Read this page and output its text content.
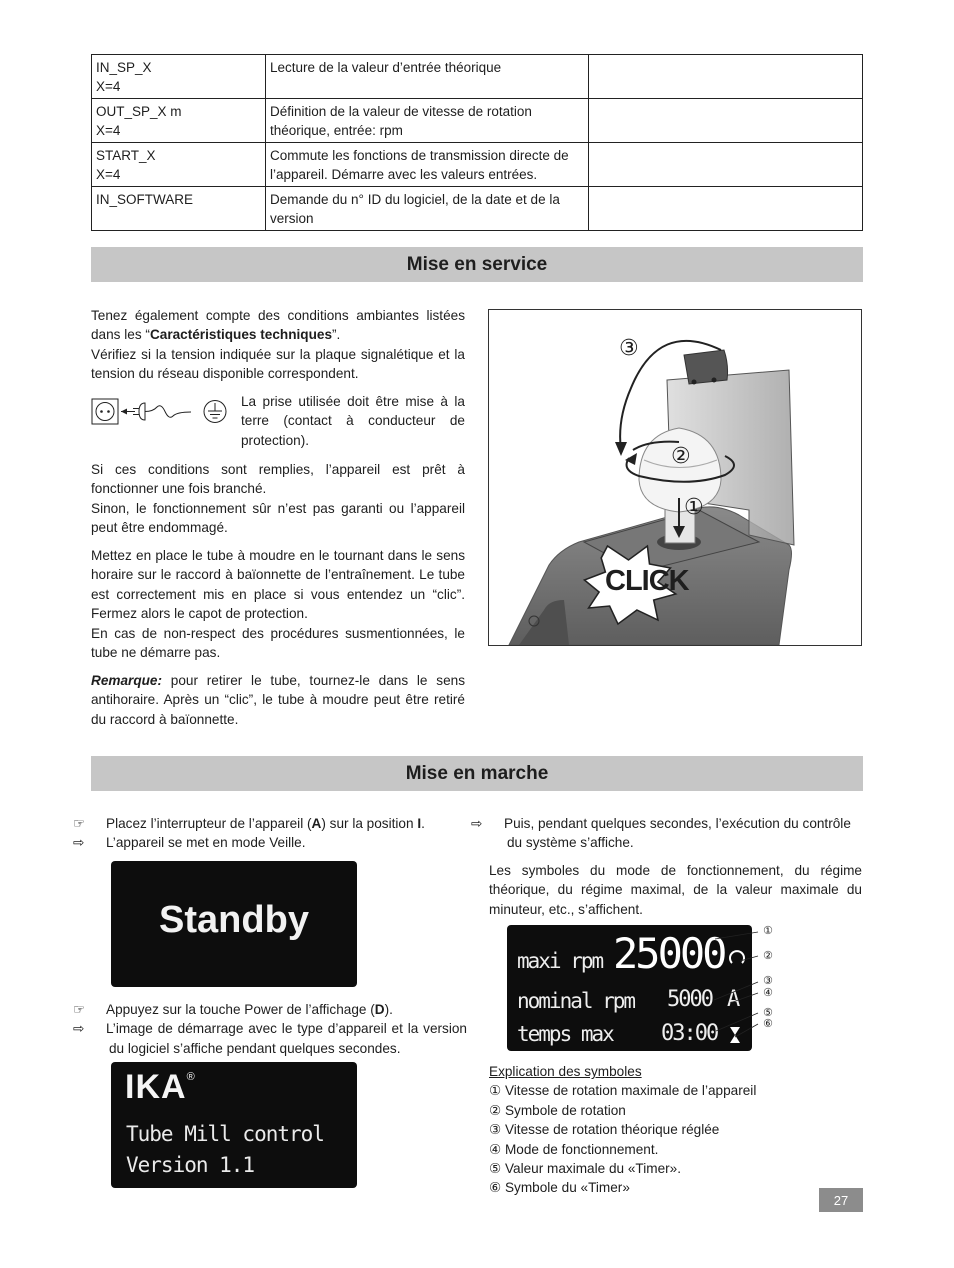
IN_SP_X
X=4	Lecture de la valeur d’entrée théorique	
OUT_SP_X m
X=4	Définition de la valeur de vitesse de rotation théorique, entrée: rpm	
START_X
X=4	Commute les fonctions de transmission directe de l’appareil. Démarre avec les valeurs entrées.	
IN_SOFTWARE	Demande du n° ID du logiciel, de la date et de la version	
Mise en service

Tenez également compte des conditions ambiantes listées dans les “Caractéristiques techniques”.

Vérifiez si la tension indiquée sur la plaque signalétique et la tension du réseau disponible correspondent.

La prise utilisée doit être mise à la terre (contact à conducteur de protection).

Si ces conditions sont remplies, l’appareil est prêt à fonctionner une fois branché.

Sinon, le fonctionnement sûr n’est pas garanti ou l’appareil peut être endommagé.

Mettez en place le tube à moudre en le tournant dans le sens horaire sur le raccord à baïonnette de l’entraînement. Le tube est correctement mis en place si vous entendez un “clic”. Fermez alors le capot de protection.

En cas de non-respect des procédures susmentionnées, le tube ne démarre pas.

Remarque: pour retirer le tube, tournez-le dans le sens antihoraire. Après un “clic”, le tube à moudre peut être retiré du raccord à baïonnette.

CLICK
③
②
①
Mise en marche

☞ Placez l’interrupteur de l’appareil (A) sur la position I.

⇨ L’appareil se met en mode Veille.

Standby

☞ Appuyez sur la touche Power de l’affichage (D).

⇨ L’image de démarrage avec le type d’appareil et la version du logiciel s’affiche pendant quelques secondes.

IKA®
Tube Mill control
Version 1.1

⇨ Puis, pendant quelques secondes, l’exécution du contrôle du système s’affiche.

Les symboles du mode de fonctionnement, du régime théorique, du régime maximal, de la valeur maximale du minuteur, etc., s’affichent.
maxi rpm 25000
nominal rpm 5000 A
temps max 03:00
①
②
③
④
⑤
⑥

Explication des symboles

① Vitesse de rotation maximale de l’appareil

② Symbole de rotation

③ Vitesse de rotation théorique réglée

④ Mode de fonctionnement.

⑤ Valeur maximale du «Timer».

⑥ Symbole du «Timer»

27
